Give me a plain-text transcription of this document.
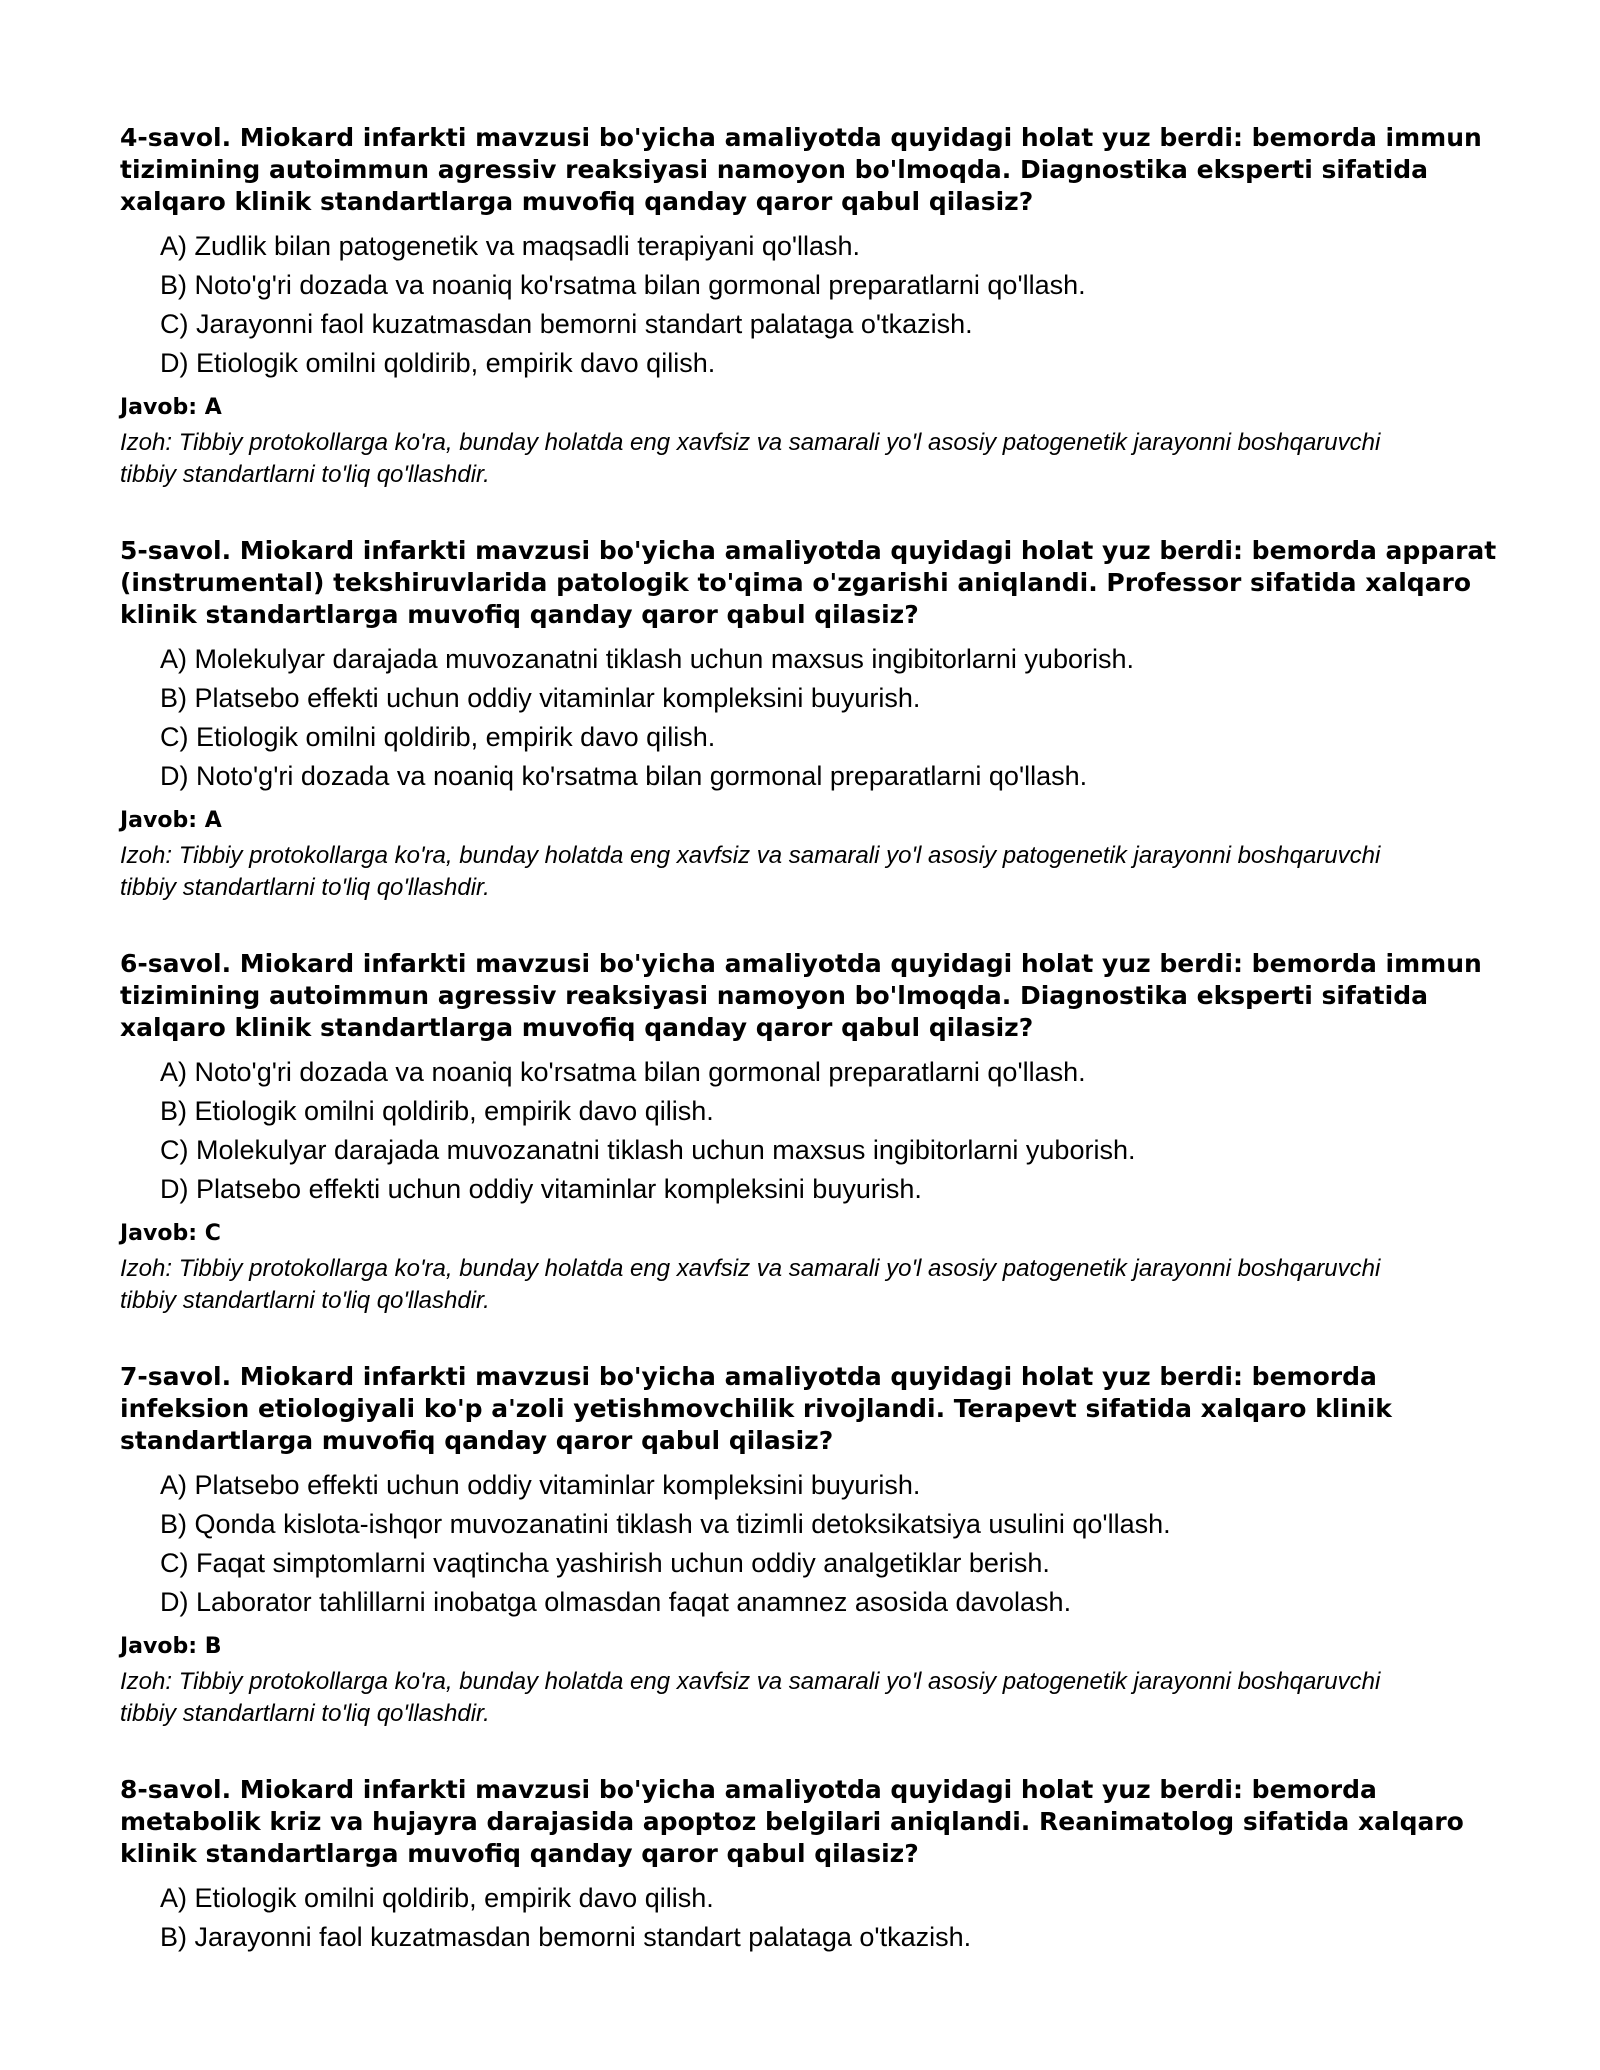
4-savol. Miokard infarkti mavzusi bo'yicha amaliyotda quyidagi holat yuz berdi: bemorda immun tizimining autoimmun agressiv reaksiyasi namoyon bo'lmoqda. Diagnostika eksperti sifatida xalqaro klinik standartlarga muvofiq qanday qaror qabul qilasiz?
A) Zudlik bilan patogenetik va maqsadli terapiyani qo'llash.
B) Noto'g'ri dozada va noaniq ko'rsatma bilan gormonal preparatlarni qo'llash.
C) Jarayonni faol kuzatmasdan bemorni standart palataga o'tkazish.
D) Etiologik omilni qoldirib, empirik davo qilish.
Javob: A
Izoh: Tibbiy protokollarga ko'ra, bunday holatda eng xavfsiz va samarali yo'l asosiy patogenetik jarayonni boshqaruvchi tibbiy standartlarni to'liq qo'llashdir.
5-savol. Miokard infarkti mavzusi bo'yicha amaliyotda quyidagi holat yuz berdi: bemorda apparat (instrumental) tekshiruvlarida patologik to'qima o'zgarishi aniqlandi. Professor sifatida xalqaro klinik standartlarga muvofiq qanday qaror qabul qilasiz?
A) Molekulyar darajada muvozanatni tiklash uchun maxsus ingibitorlarni yuborish.
B) Platsebo effekti uchun oddiy vitaminlar kompleksini buyurish.
C) Etiologik omilni qoldirib, empirik davo qilish.
D) Noto'g'ri dozada va noaniq ko'rsatma bilan gormonal preparatlarni qo'llash.
Javob: A
Izoh: Tibbiy protokollarga ko'ra, bunday holatda eng xavfsiz va samarali yo'l asosiy patogenetik jarayonni boshqaruvchi tibbiy standartlarni to'liq qo'llashdir.
6-savol. Miokard infarkti mavzusi bo'yicha amaliyotda quyidagi holat yuz berdi: bemorda immun tizimining autoimmun agressiv reaksiyasi namoyon bo'lmoqda. Diagnostika eksperti sifatida xalqaro klinik standartlarga muvofiq qanday qaror qabul qilasiz?
A) Noto'g'ri dozada va noaniq ko'rsatma bilan gormonal preparatlarni qo'llash.
B) Etiologik omilni qoldirib, empirik davo qilish.
C) Molekulyar darajada muvozanatni tiklash uchun maxsus ingibitorlarni yuborish.
D) Platsebo effekti uchun oddiy vitaminlar kompleksini buyurish.
Javob: C
Izoh: Tibbiy protokollarga ko'ra, bunday holatda eng xavfsiz va samarali yo'l asosiy patogenetik jarayonni boshqaruvchi tibbiy standartlarni to'liq qo'llashdir.
7-savol. Miokard infarkti mavzusi bo'yicha amaliyotda quyidagi holat yuz berdi: bemorda infeksion etiologiyali ko'p a'zoli yetishmovchilik rivojlandi. Terapevt sifatida xalqaro klinik standartlarga muvofiq qanday qaror qabul qilasiz?
A) Platsebo effekti uchun oddiy vitaminlar kompleksini buyurish.
B) Qonda kislota-ishqor muvozanatini tiklash va tizimli detoksikatsiya usulini qo'llash.
C) Faqat simptomlarni vaqtincha yashirish uchun oddiy analgetiklar berish.
D) Laborator tahlillarni inobatga olmasdan faqat anamnez asosida davolash.
Javob: B
Izoh: Tibbiy protokollarga ko'ra, bunday holatda eng xavfsiz va samarali yo'l asosiy patogenetik jarayonni boshqaruvchi tibbiy standartlarni to'liq qo'llashdir.
8-savol. Miokard infarkti mavzusi bo'yicha amaliyotda quyidagi holat yuz berdi: bemorda metabolik kriz va hujayra darajasida apoptoz belgilari aniqlandi. Reanimatolog sifatida xalqaro klinik standartlarga muvofiq qanday qaror qabul qilasiz?
A) Etiologik omilni qoldirib, empirik davo qilish.
B) Jarayonni faol kuzatmasdan bemorni standart palataga o'tkazish.
